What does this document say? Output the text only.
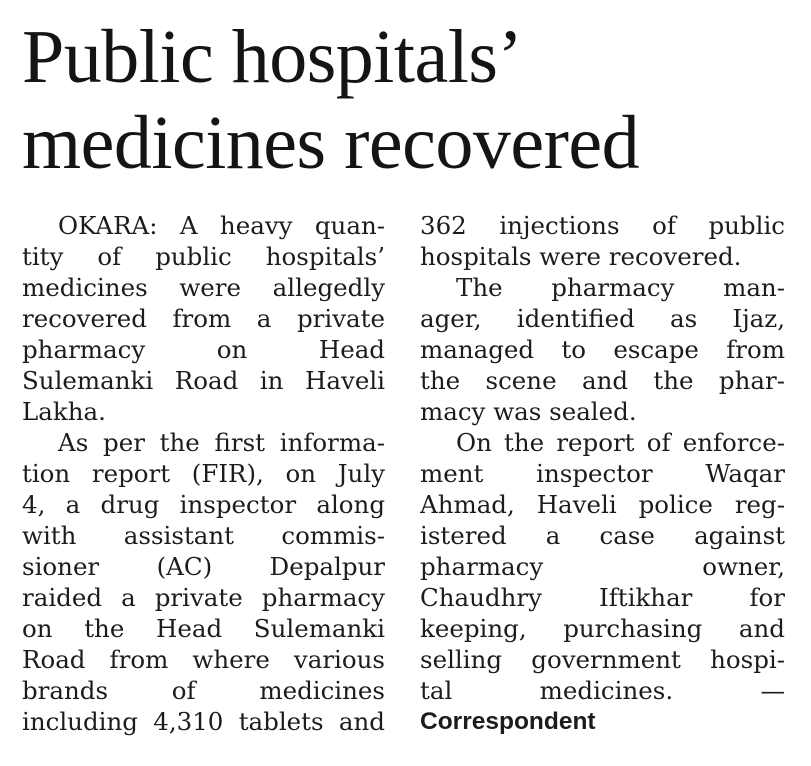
Public hospitals’
medicines recovered
OKARA: A heavy quan-
tity of public hospitals’
medicines were allegedly
recovered from a private
pharmacy on Head
Sulemanki Road in Haveli
Lakha.
As per the first informa-
tion report (FIR), on July
4, a drug inspector along
with assistant commis-
sioner (AC) Depalpur
raided a private pharmacy
on the Head Sulemanki
Road from where various
brands of medicines
including 4,310 tablets and
362 injections of public
hospitals were recovered.
The pharmacy man-
ager, identified as Ijaz,
managed to escape from
the scene and the phar-
macy was sealed.
On the report of enforce-
ment inspector Waqar
Ahmad, Haveli police reg-
istered a case against
pharmacy owner,
Chaudhry Iftikhar for
keeping, purchasing and
selling government hospi-
tal medicines. —
Correspondent
